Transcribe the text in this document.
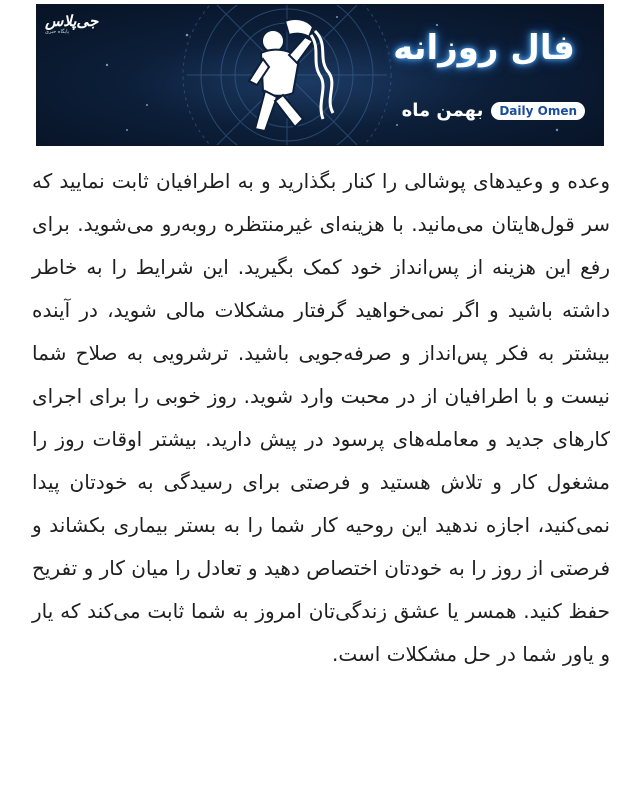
جی‌پلاس
پایگاه خبری	فال روزانه
بهمن ماه	Daily Omen
وعده و وعیدهای پوشالی را کنار بگذارید و به اطرافیان ثابت نمایید که سر قول‌هایتان می‌مانید. با هزینه‌ای غیرمنتظره روبه‌رو می‌شوید. برای رفع این هزینه از پس‌انداز خود کمک بگیرید. این شرایط را به خاطر داشته باشید و اگر نمی‌خواهید گرفتار مشکلات مالی شوید، در آینده بیشتر به فکر پس‌انداز و صرفه‌جویی باشید. ترشرویی به صلاح شما نیست و با اطرافیان از در محبت وارد شوید. روز خوبی را برای اجرای کارهای جدید و معامله‌های پرسود در پیش دارید. بیشتر اوقات روز را مشغول کار و تلاش هستید و فرصتی برای رسیدگی به خودتان پیدا نمی‌کنید، اجازه ندهید این روحیه کار شما را به بستر بیماری بکشاند و فرصتی از روز را به خودتان اختصاص دهید و تعادل را میان کار و تفریح حفظ کنید. همسر یا عشق زندگی‌تان امروز به شما ثابت می‌کند که یار و یاور شما در حل مشکلات است.
